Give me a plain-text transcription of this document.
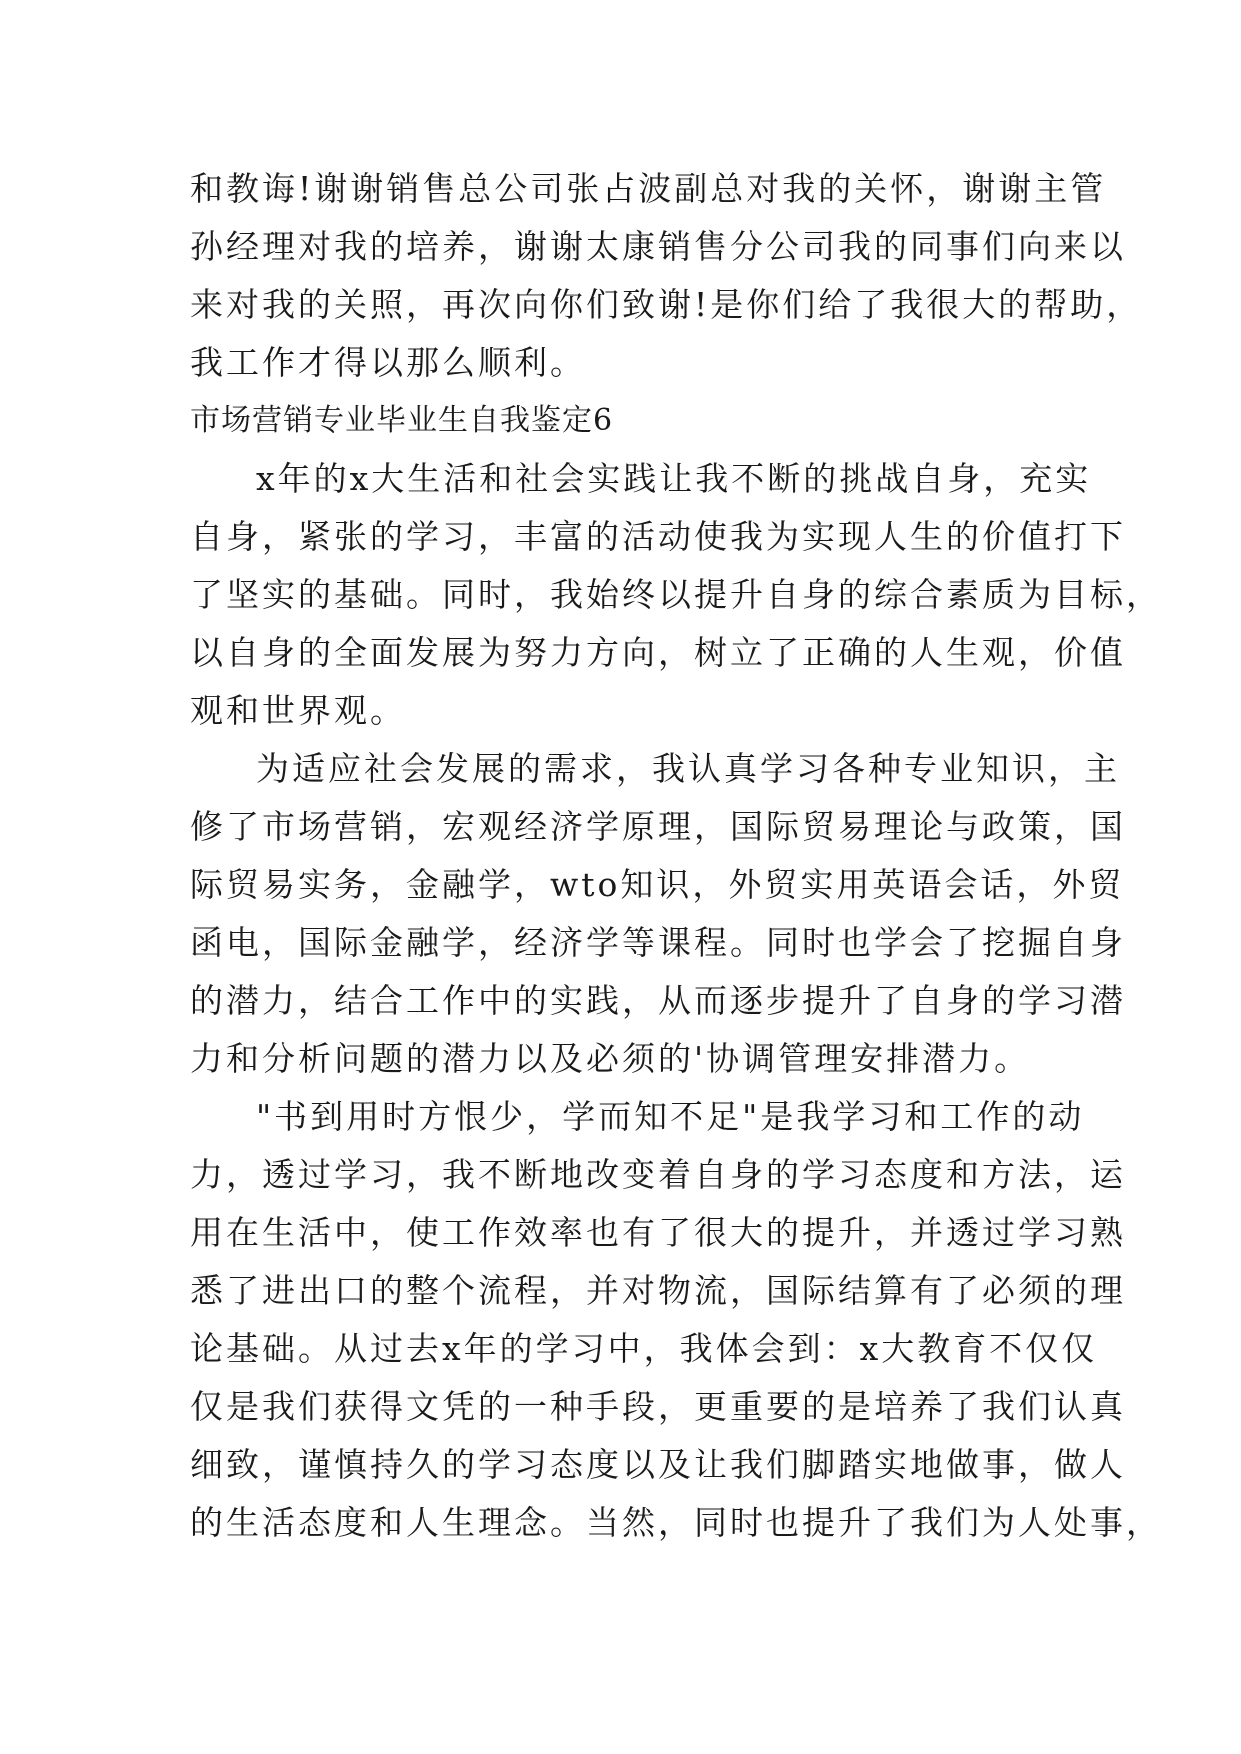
和教诲!谢谢销售总公司张占波副总对我的关怀，谢谢主管
孙经理对我的培养，谢谢太康销售分公司我的同事们向来以
来对我的关照，再次向你们致谢!是你们给了我很大的帮助，
我工作才得以那么顺利。
市场营销专业毕业生自我鉴定6
x年的x大生活和社会实践让我不断的挑战自身，充实
自身，紧张的学习，丰富的活动使我为实现人生的价值打下
了坚实的基础。同时，我始终以提升自身的综合素质为目标，
以自身的全面发展为努力方向，树立了正确的人生观，价值
观和世界观。
为适应社会发展的需求，我认真学习各种专业知识，主
修了市场营销，宏观经济学原理，国际贸易理论与政策，国
际贸易实务，金融学，wto知识，外贸实用英语会话，外贸
函电，国际金融学，经济学等课程。同时也学会了挖掘自身
的潜力，结合工作中的实践，从而逐步提升了自身的学习潜
力和分析问题的潜力以及必须的'协调管理安排潜力。
"书到用时方恨少，学而知不足"是我学习和工作的动
力，透过学习，我不断地改变着自身的学习态度和方法，运
用在生活中，使工作效率也有了很大的提升，并透过学习熟
悉了进出口的整个流程，并对物流，国际结算有了必须的理
论基础。从过去x年的学习中，我体会到：x大教育不仅仅
仅是我们获得文凭的一种手段，更重要的是培养了我们认真
细致，谨慎持久的学习态度以及让我们脚踏实地做事，做人
的生活态度和人生理念。当然，同时也提升了我们为人处事，
